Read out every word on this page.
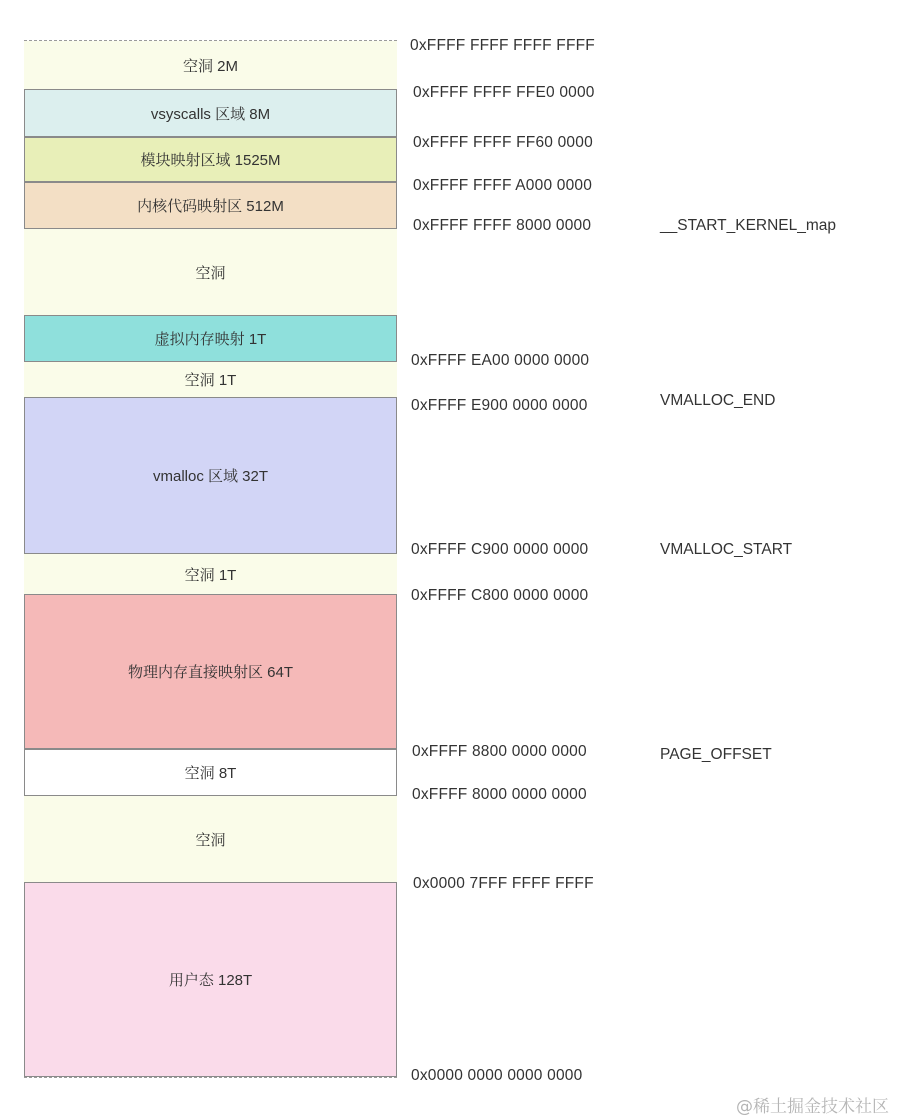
空洞 2M
vsyscalls 区域 8M
模块映射区域 1525M
内核代码映射区 512M
空洞
虚拟内存映射 1T
空洞 1T
vmalloc 区域 32T
空洞 1T
物理内存直接映射区 64T
空洞 8T
空洞
用户态 128T
0xFFFF FFFF FFFF FFFF
0xFFFF FFFF FFE0 0000
0xFFFF FFFF FF60 0000
0xFFFF FFFF A000 0000
0xFFFF FFFF 8000 0000
0xFFFF EA00 0000 0000
0xFFFF E900 0000 0000
0xFFFF C900 0000 0000
0xFFFF C800 0000 0000
0xFFFF 8800 0000 0000
0xFFFF 8000 0000 0000
0x0000 7FFF FFFF FFFF
0x0000 0000 0000 0000
__START_KERNEL_map
VMALLOC_END
VMALLOC_START
PAGE_OFFSET
@稀土掘金技术社区
